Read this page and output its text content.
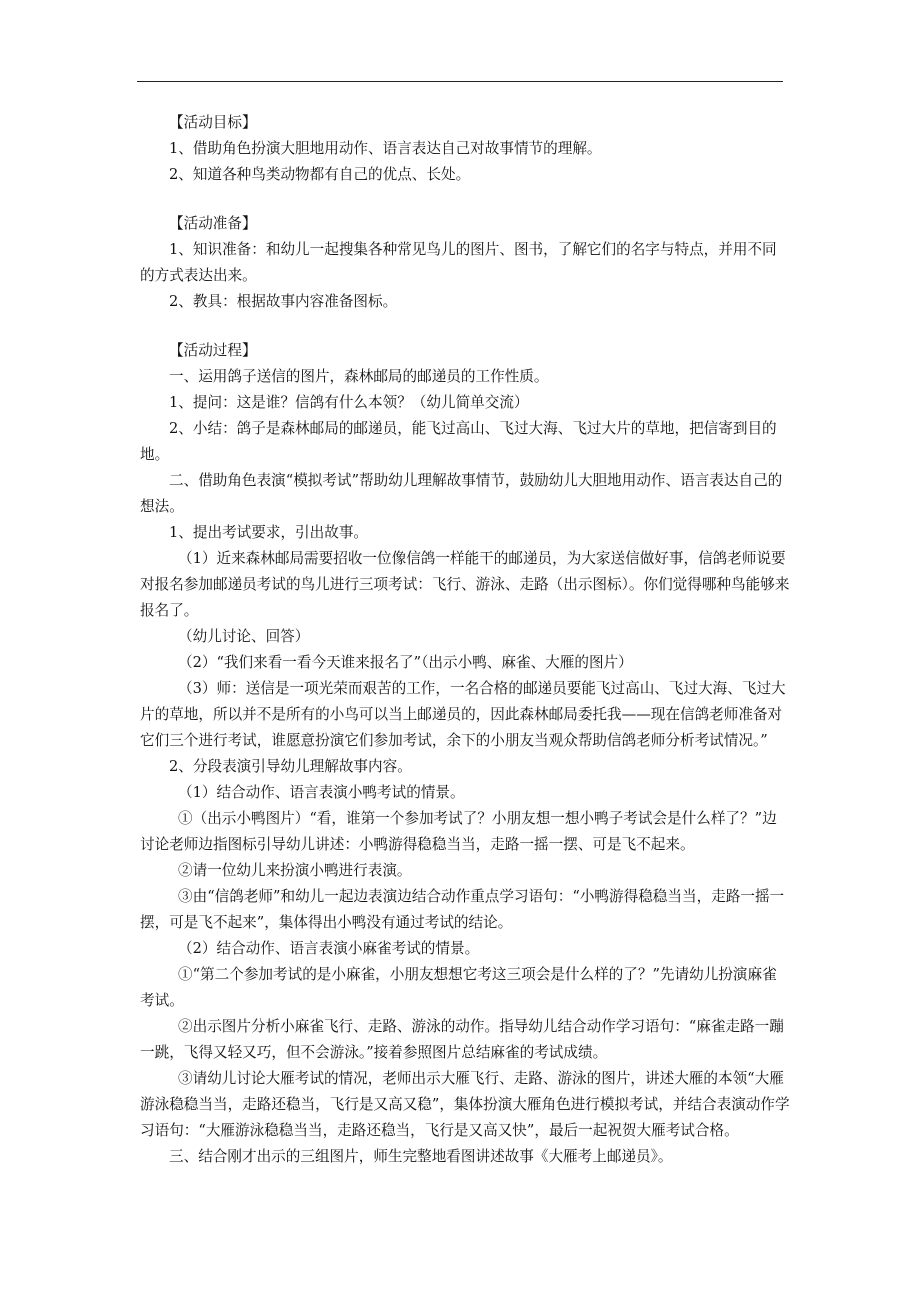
【活动目标】

1、借助角色扮演大胆地用动作、语言表达自己对故事情节的理解。

2、知道各种鸟类动物都有自己的优点、长处。

【活动准备】

1、知识准备：和幼儿一起搜集各种常见鸟儿的图片、图书，了解它们的名字与特点，并用不同的方式表达出来。

2、教具：根据故事内容准备图标。

【活动过程】

一、运用鸽子送信的图片，森林邮局的邮递员的工作性质。

1、提问：这是谁？信鸽有什么本领？（幼儿简单交流）

2、小结：鸽子是森林邮局的邮递员，能飞过高山、飞过大海、飞过大片的草地，把信寄到目的地。

二、借助角色表演“模拟考试”帮助幼儿理解故事情节，鼓励幼儿大胆地用动作、语言表达自己的想法。

1、提出考试要求，引出故事。

（1）近来森林邮局需要招收一位像信鸽一样能干的邮递员，为大家送信做好事，信鸽老师说要对报名参加邮递员考试的鸟儿进行三项考试：飞行、游泳、走路（出示图标）。你们觉得哪种鸟能够来报名了。

（幼儿讨论、回答）

（2）“我们来看一看今天谁来报名了”（出示小鸭、麻雀、大雁的图片）

（3）师：送信是一项光荣而艰苦的工作，一名合格的邮递员要能飞过高山、飞过大海、飞过大片的草地，所以并不是所有的小鸟可以当上邮递员的，因此森林邮局委托我——现在信鸽老师准备对它们三个进行考试，谁愿意扮演它们参加考试，余下的小朋友当观众帮助信鸽老师分析考试情况。”

2、分段表演引导幼儿理解故事内容。

（1）结合动作、语言表演小鸭考试的情景。

①（出示小鸭图片）“看，谁第一个参加考试了？小朋友想一想小鸭子考试会是什么样了？”边讨论老师边指图标引导幼儿讲述：小鸭游得稳稳当当，走路一摇一摆、可是飞不起来。

②请一位幼儿来扮演小鸭进行表演。

③由“信鸽老师”和幼儿一起边表演边结合动作重点学习语句：“小鸭游得稳稳当当，走路一摇一摆，可是飞不起来”，集体得出小鸭没有通过考试的结论。

（2）结合动作、语言表演小麻雀考试的情景。

①“第二个参加考试的是小麻雀，小朋友想想它考这三项会是什么样的了？”先请幼儿扮演麻雀考试。

②出示图片分析小麻雀飞行、走路、游泳的动作。指导幼儿结合动作学习语句：“麻雀走路一蹦一跳，飞得又轻又巧，但不会游泳。”接着参照图片总结麻雀的考试成绩。

③请幼儿讨论大雁考试的情况，老师出示大雁飞行、走路、游泳的图片，讲述大雁的本领“大雁游泳稳稳当当，走路还稳当，飞行是又高又稳”，集体扮演大雁角色进行模拟考试，并结合表演动作学习语句：“大雁游泳稳稳当当，走路还稳当，飞行是又高又快”，最后一起祝贺大雁考试合格。

三、结合刚才出示的三组图片，师生完整地看图讲述故事《大雁考上邮递员》。
